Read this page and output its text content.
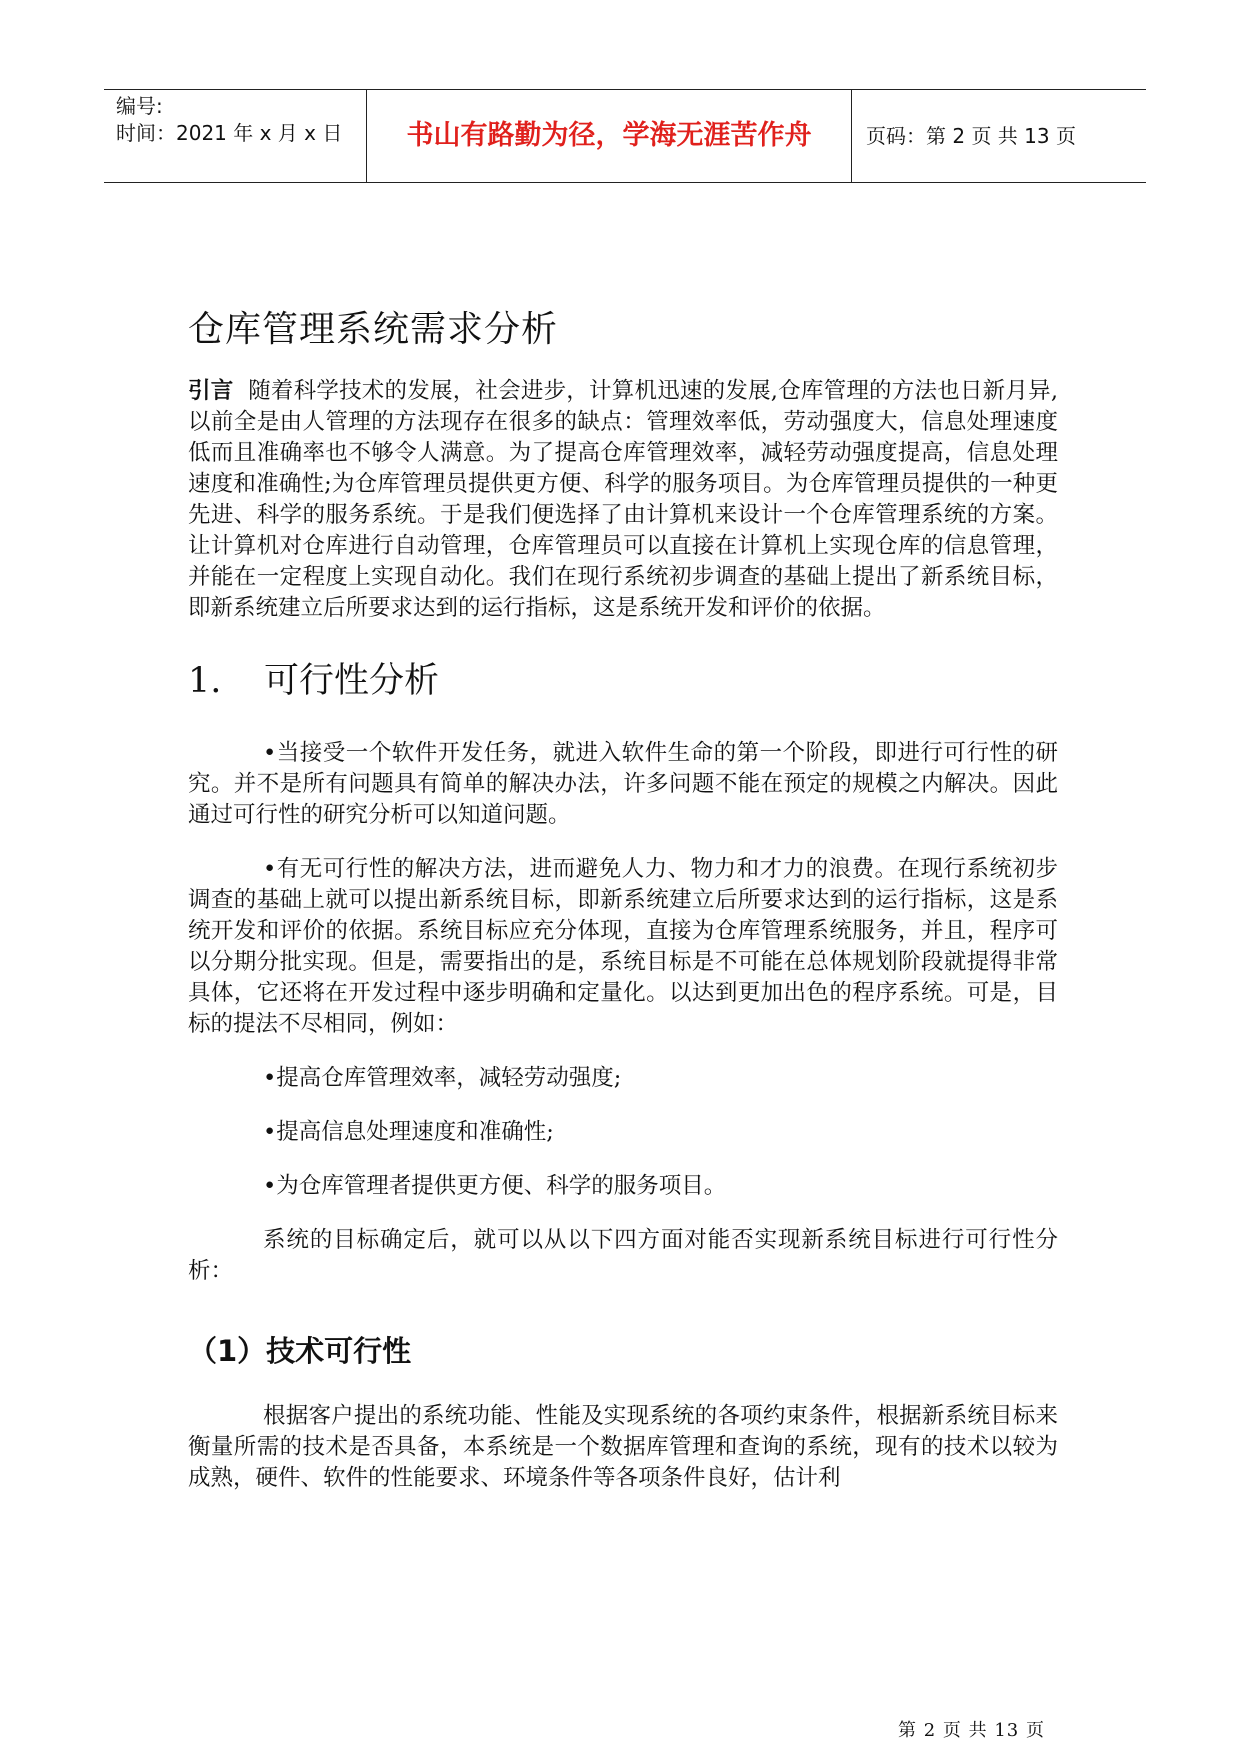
编号:
时间：2021 年 x 月 x 日	书山有路勤为径，学海无涯苦作舟	页码：第 2 页 共 13 页
仓库管理系统需求分析

引言 随着科学技术的发展，社会进步，计算机迅速的发展,仓库管理的方法也日新月异,以前全是由人管理的方法现存在很多的缺点：管理效率低，劳动强度大，信息处理速度低而且准确率也不够令人满意。为了提高仓库管理效率，减轻劳动强度提高，信息处理速度和准确性;为仓库管理员提供更方便、科学的服务项目。为仓库管理员提供的一种更先进、科学的服务系统。于是我们便选择了由计算机来设计一个仓库管理系统的方案。让计算机对仓库进行自动管理，仓库管理员可以直接在计算机上实现仓库的信息管理，并能在一定程度上实现自动化。我们在现行系统初步调查的基础上提出了新系统目标，即新系统建立后所要求达到的运行指标，这是系统开发和评价的依据。

1.	可行性分析

•当接受一个软件开发任务，就进入软件生命的第一个阶段，即进行可行性的研究。并不是所有问题具有简单的解决办法，许多问题不能在预定的规模之内解决。因此通过可行性的研究分析可以知道问题。

•有无可行性的解决方法，进而避免人力、物力和才力的浪费。在现行系统初步调查的基础上就可以提出新系统目标，即新系统建立后所要求达到的运行指标，这是系统开发和评价的依据。系统目标应充分体现，直接为仓库管理系统服务，并且，程序可以分期分批实现。但是，需要指出的是，系统目标是不可能在总体规划阶段就提得非常具体，它还将在开发过程中逐步明确和定量化。以达到更加出色的程序系统。可是，目标的提法不尽相同，例如：

•提高仓库管理效率，减轻劳动强度;

•提高信息处理速度和准确性;

•为仓库管理者提供更方便、科学的服务项目。

系统的目标确定后，就可以从以下四方面对能否实现新系统目标进行可行性分析：

（1）技术可行性

根据客户提出的系统功能、性能及实现系统的各项约束条件，根据新系统目标来衡量所需的技术是否具备，本系统是一个数据库管理和查询的系统，现有的技术以较为成熟，硬件、软件的性能要求、环境条件等各项条件良好，估计利

第 2 页 共 13 页
